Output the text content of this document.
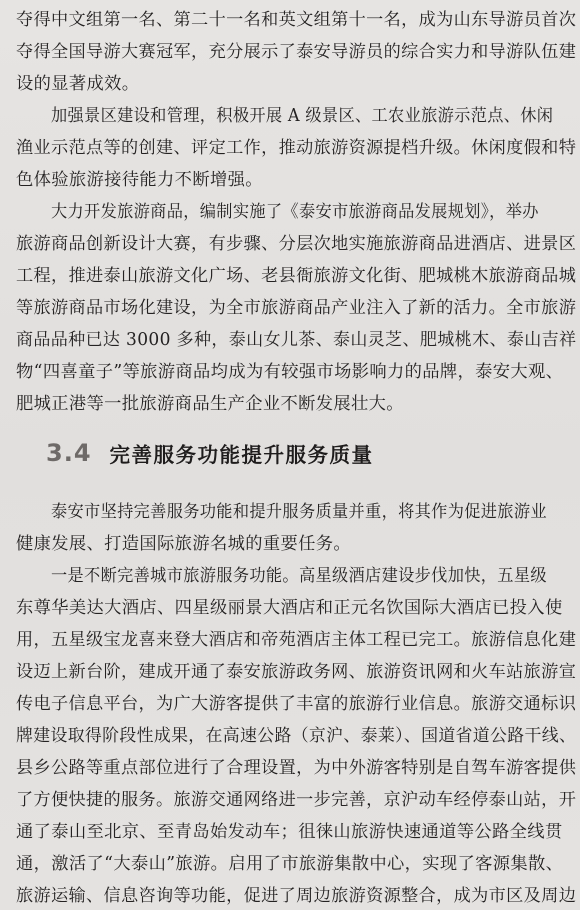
夺得中文组第一名、第二十一名和英文组第十一名，成为山东导游员首次
夺得全国导游大赛冠军，充分展示了泰安导游员的综合实力和导游队伍建
设的显著成效。
加强景区建设和管理，积极开展 A 级景区、工农业旅游示范点、休闲
渔业示范点等的创建、评定工作，推动旅游资源提档升级。休闲度假和特
色体验旅游接待能力不断增强。
大力开发旅游商品，编制实施了《泰安市旅游商品发展规划》，举办
旅游商品创新设计大赛，有步骤、分层次地实施旅游商品进酒店、进景区
工程，推进泰山旅游文化广场、老县衙旅游文化街、肥城桃木旅游商品城
等旅游商品市场化建设，为全市旅游商品产业注入了新的活力。全市旅游
商品品种已达 3000 多种，泰山女儿茶、泰山灵芝、肥城桃木、泰山吉祥
物“四喜童子”等旅游商品均成为有较强市场影响力的品牌，泰安大观、
肥城正港等一批旅游商品生产企业不断发展壮大。
3.4 完善服务功能提升服务质量
泰安市坚持完善服务功能和提升服务质量并重，将其作为促进旅游业
健康发展、打造国际旅游名城的重要任务。
一是不断完善城市旅游服务功能。高星级酒店建设步伐加快，五星级
东尊华美达大酒店、四星级丽景大酒店和正元名饮国际大酒店已投入使
用，五星级宝龙喜来登大酒店和帝苑酒店主体工程已完工。旅游信息化建
设迈上新台阶，建成开通了泰安旅游政务网、旅游资讯网和火车站旅游宣
传电子信息平台，为广大游客提供了丰富的旅游行业信息。旅游交通标识
牌建设取得阶段性成果，在高速公路（京沪、泰莱）、国道省道公路干线、
县乡公路等重点部位进行了合理设置，为中外游客特别是自驾车游客提供
了方便快捷的服务。旅游交通网络进一步完善，京沪动车经停泰山站，开
通了泰山至北京、至青岛始发动车；徂徕山旅游快速通道等公路全线贯
通，激活了“大泰山”旅游。启用了市旅游集散中心，实现了客源集散、
旅游运输、信息咨询等功能，促进了周边旅游资源整合，成为市区及周边
